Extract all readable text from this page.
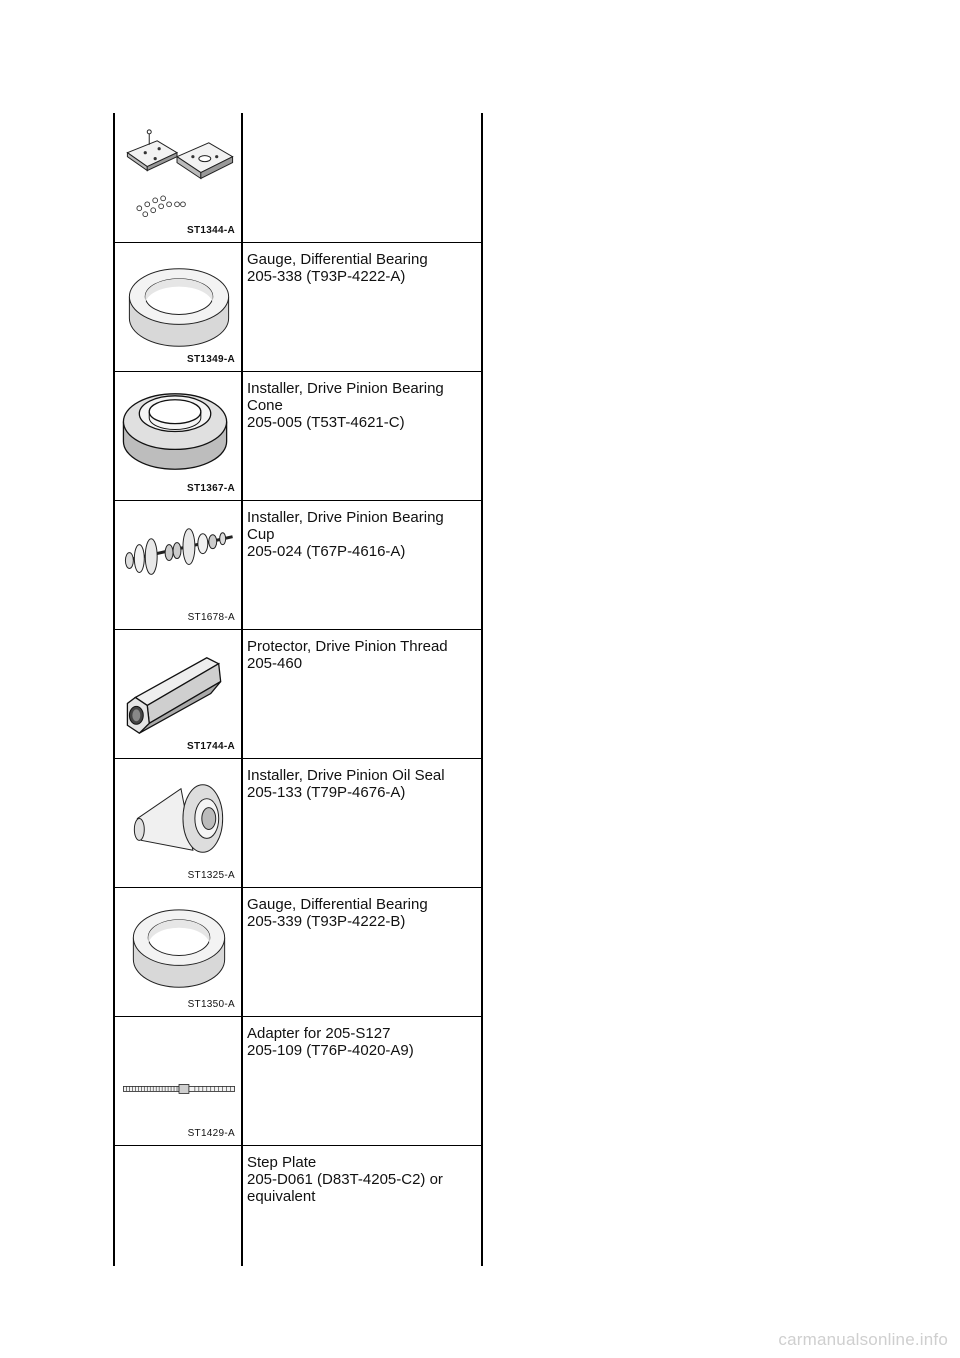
ST1344-A
ST1349-A
Gauge, Differential Bearing
205-338 (T93P-4222-A)
ST1367-A
Installer, Drive Pinion Bearing
Cone
205-005 (T53T-4621-C)
ST1678-A
Installer, Drive Pinion Bearing
Cup
205-024 (T67P-4616-A)
ST1744-A
Protector, Drive Pinion Thread
205-460
ST1325-A
Installer, Drive Pinion Oil Seal
205-133 (T79P-4676-A)
ST1350-A
Gauge, Differential Bearing
205-339 (T93P-4222-B)
ST1429-A
Adapter for 205-S127
205-109 (T76P-4020-A9)
Step Plate
205-D061 (D83T-4205-C2) or
equivalent
carmanualsonline.info
